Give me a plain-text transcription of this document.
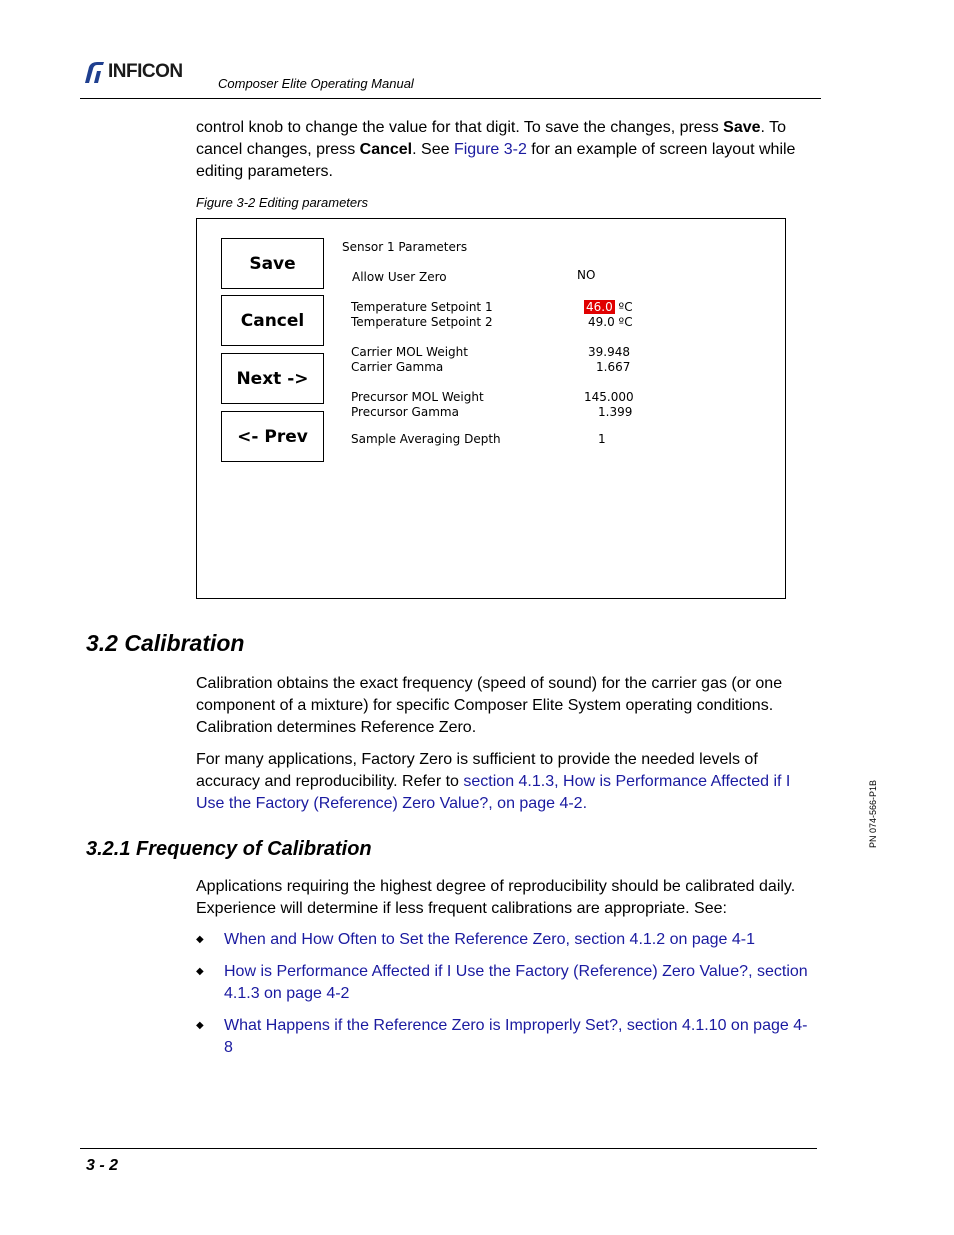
INFICON
Composer Elite Operating Manual
control knob to change the value for that digit. To save the changes, press Save. To cancel changes, press Cancel. See Figure 3-2 for an example of screen layout while editing parameters.
Figure 3-2 Editing parameters
Save
Cancel
Next ->
<- Prev
Sensor 1 Parameters
Allow User Zero	NO
Temperature Setpoint 1	46.0 ºC
Temperature Setpoint 2	49.0 ºC
Carrier MOL Weight	39.948
Carrier Gamma	1.667
Precursor MOL Weight	145.000
Precursor Gamma	1.399
Sample Averaging Depth	1
3.2 Calibration
Calibration obtains the exact frequency (speed of sound) for the carrier gas (or one component of a mixture) for specific Composer Elite System operating conditions. Calibration determines Reference Zero.
For many applications, Factory Zero is sufficient to provide the needed levels of accuracy and reproducibility. Refer to section 4.1.3, How is Performance Affected if I Use the Factory (Reference) Zero Value?, on page 4-2.
3.2.1 Frequency of Calibration
Applications requiring the highest degree of reproducibility should be calibrated daily. Experience will determine if less frequent calibrations are appropriate. See:
◆	When and How Often to Set the Reference Zero, section 4.1.2 on page 4-1
◆	How is Performance Affected if I Use the Factory (Reference) Zero Value?, section 4.1.3 on page 4-2
◆	What Happens if the Reference Zero is Improperly Set?, section 4.1.10 on page 4-8
PN 074-566-P1B
3 - 2
